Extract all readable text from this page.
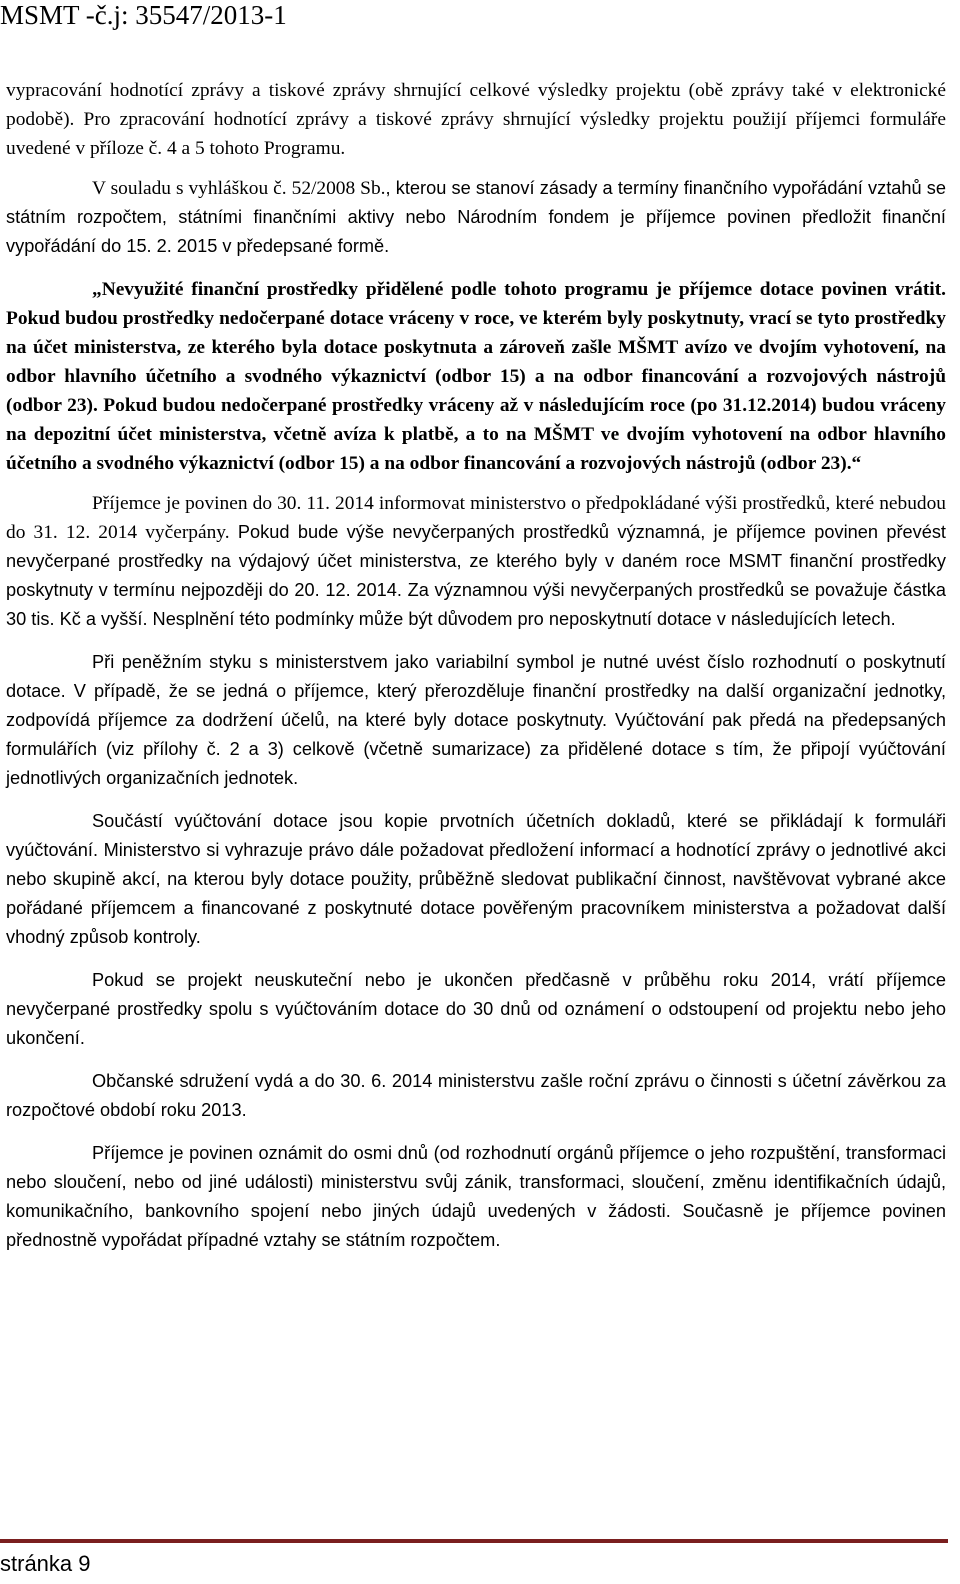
MSMT -č.j: 35547/2013-1

vypracování hodnotící zprávy a tiskové zprávy shrnující celkové výsledky projektu (obě zprávy také v elektronické podobě). Pro zpracování hodnotící zprávy a tiskové zprávy shrnující výsledky projektu použijí příjemci formuláře uvedené v příloze č. 4 a 5 tohoto Programu.

V souladu s vyhláškou č. 52/2008 Sb., kterou se stanoví zásady a termíny finančního vypořádání vztahů se státním rozpočtem, státními finančními aktivy nebo Národním fondem je příjemce povinen předložit finanční vypořádání do 15. 2. 2015 v předepsané formě.

„Nevyužité finanční prostředky přidělené podle tohoto programu je příjemce dotace povinen vrátit. Pokud budou prostředky nedočerpané dotace vráceny v roce, ve kterém byly poskytnuty, vrací se tyto prostředky na účet ministerstva, ze kterého byla dotace poskytnuta a zároveň zašle MŠMT avízo ve dvojím vyhotovení, na odbor hlavního účetního a svodného výkaznictví (odbor 15) a na odbor financování a rozvojových nástrojů (odbor 23). Pokud budou nedočerpané prostředky vráceny až v následujícím roce (po 31.12.2014) budou vráceny na depozitní účet ministerstva, včetně avíza k platbě, a to na MŠMT ve dvojím vyhotovení na odbor hlavního účetního a svodného výkaznictví (odbor 15) a na odbor financování a rozvojových nástrojů (odbor 23).“

Příjemce je povinen do 30. 11. 2014 informovat ministerstvo o předpokládané výši prostředků, které nebudou do 31. 12. 2014 vyčerpány. Pokud bude výše nevyčerpaných prostředků významná, je příjemce povinen převést nevyčerpané prostředky na výdajový účet ministerstva, ze kterého byly v daném roce MSMT finanční prostředky poskytnuty v termínu nejpozději do 20. 12. 2014. Za významnou výši nevyčerpaných prostředků se považuje částka 30 tis. Kč a vyšší. Nesplnění této podmínky může být důvodem pro neposkytnutí dotace v následujících letech.

Při peněžním styku s ministerstvem jako variabilní symbol je nutné uvést číslo rozhodnutí o poskytnutí dotace. V případě, že se jedná o příjemce, který přerozděluje finanční prostředky na další organizační jednotky, zodpovídá příjemce za dodržení účelů, na které byly dotace poskytnuty. Vyúčtování pak předá na předepsaných formulářích (viz přílohy č. 2 a 3) celkově (včetně sumarizace) za přidělené dotace s tím, že připojí vyúčtování jednotlivých organizačních jednotek.

Součástí vyúčtování dotace jsou kopie prvotních účetních dokladů, které se přikládají k formuláři vyúčtování. Ministerstvo si vyhrazuje právo dále požadovat předložení informací a hodnotící zprávy o jednotlivé akci nebo skupině akcí, na kterou byly dotace použity, průběžně sledovat publikační činnost, navštěvovat vybrané akce pořádané příjemcem a financované z poskytnuté dotace pověřeným pracovníkem ministerstva a požadovat další vhodný způsob kontroly.

Pokud se projekt neuskuteční nebo je ukončen předčasně v průběhu roku 2014, vrátí příjemce nevyčerpané prostředky spolu s vyúčtováním dotace do 30 dnů od oznámení o odstoupení od projektu nebo jeho ukončení.

Občanské sdružení vydá a do 30. 6. 2014 ministerstvu zašle roční zprávu o činnosti s účetní závěrkou za rozpočtové období roku 2013.

Příjemce je povinen oznámit do osmi dnů (od rozhodnutí orgánů příjemce o jeho rozpuštění, transformaci nebo sloučení, nebo od jiné události) ministerstvu svůj zánik, transformaci, sloučení, změnu identifikačních údajů, komunikačního, bankovního spojení nebo jiných údajů uvedených v žádosti. Současně je příjemce povinen přednostně vypořádat případné vztahy se státním rozpočtem.

stránka 9
